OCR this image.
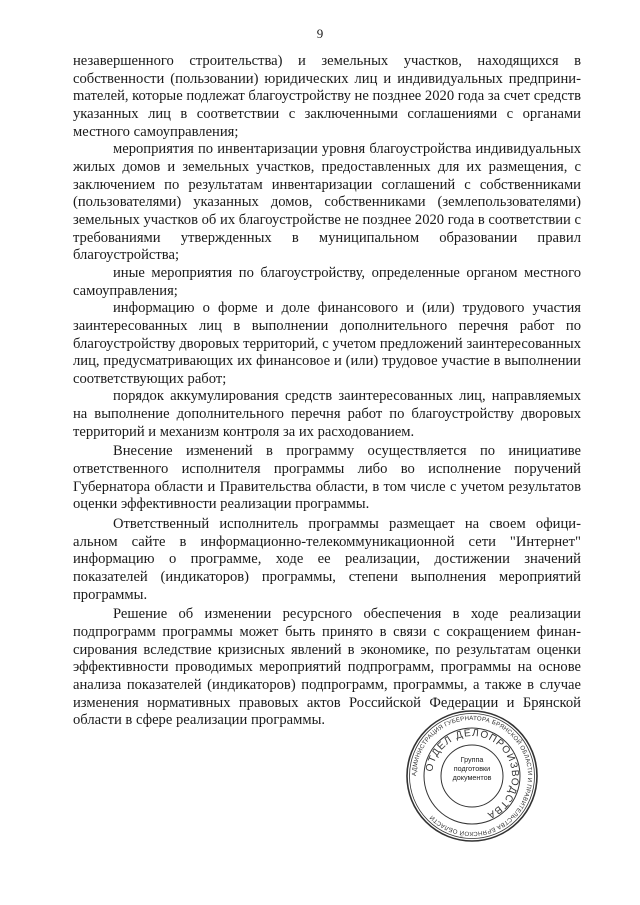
9

незавершенного строительства) и земельных участков, находящихся в собственности (пользовании) юридических лиц и индивидуальных предприниmателей, которые подлежат благоустройству не позднее 2020 года за счет средств указанных лиц в соответствии с заключенными соглашениями с органами местного самоуправления;

мероприятия по инвентаризации уровня благоустройства индивидуальных жилых домов и земельных участков, предоставленных для их размещения, с заключением по результатам инвентаризации соглашений с собственниками (пользователями) указанных домов, собственниками (землепользователями) земельных участков об их благоустройстве не позднее 2020 года в соответствии с требованиями утвержденных в муниципальном образовании правил благоустройства;

иные мероприятия по благоустройству, определенные органом местного самоуправления;

информацию о форме и доле финансового и (или) трудового участия заинтересованных лиц в выполнении дополнительного перечня работ по благоустройству дворовых территорий, с учетом предложений заинтересованных лиц, предусматривающих их финансовое и (или) трудовое участие в выполнении соответствующих работ;

порядок аккумулирования средств заинтересованных лиц, направляемых на выполнение дополнительного перечня работ по благоустройству дворовых территорий и механизм контроля за их расходованием.

Внесение изменений в программу осуществляется по инициативе ответственного исполнителя программы либо во исполнение поручений Губернатора области и Правительства области, в том числе с учетом результатов оценки эффективности реализации программы.

Ответственный исполнитель программы размещает на своем официальном сайте в информационно-телекоммуникационной сети "Интернет" информацию о программе, ходе ее реализации, достижении значений показателей (индикаторов) программы, степени выполнения мероприятий программы.

Решение об изменении ресурсного обеспечения в ходе реализации подпрограмм программы может быть принято в связи с сокращением финансирования вследствие кризисных явлений в экономике, по результатам оценки эффективности проводимых мероприятий подпрограмм, программы на основе анализа показателей (индикаторов) подпрограмм, программы, а также в случае изменения нормативных правовых актов Российской Федерации и Брянской области в сфере реализации программы.

АДМИНИСТРАЦИЯ ГУБЕРНАТОРА БРЯНСКОЙ ОБЛАСТИ И ПРАВИТЕЛЬСТВА БРЯНСКОЙ ОБЛАСТИ
ОТДЕЛ ДЕЛОПРОИЗВОДСТВА
Группа
подготовки
документов
